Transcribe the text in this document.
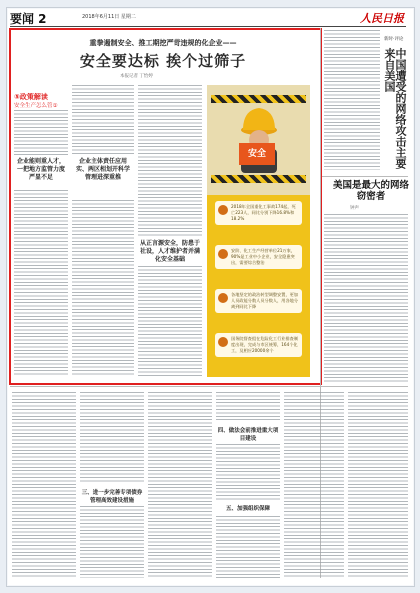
要闻 2	2018年6月11日 星期二	人民日报
重拳遏制安全、推工期挖严苛违规的化企业——
安全要达标 挨个过筛子
本报记者 丁怡婷
⑤政策解读
安全生产怎么管①
企业能则重人才，一把地方监管力度严显不足
企业主体责任应用实、两区相划开科学管理进深重推
从正言源安全，防患于社设，人才维护者并满化安全基础
安全
2018年全国重化工事故174起，死亡223人，同比分别下降16.8%和18.2%
安阶、化工生产经营单位21万家，90%是工业中小企业，安全隐患突出，需要综合整治
各地坚定的政治转型调整安置，更加人员政能分数人员分数人，用各地分离到同比下降
国务院督查组在危险化工行业排查制度出现，完成与市区统筹，164个化工，及相应20000余个
新时·评论
中国遭受的网络攻击主要来自美国
美国是最大的网络窃密者
钟声
三、进一步完善专项债券管理高效建设措施
四、做法会前推进重大项目建设
五、加强组织保障
